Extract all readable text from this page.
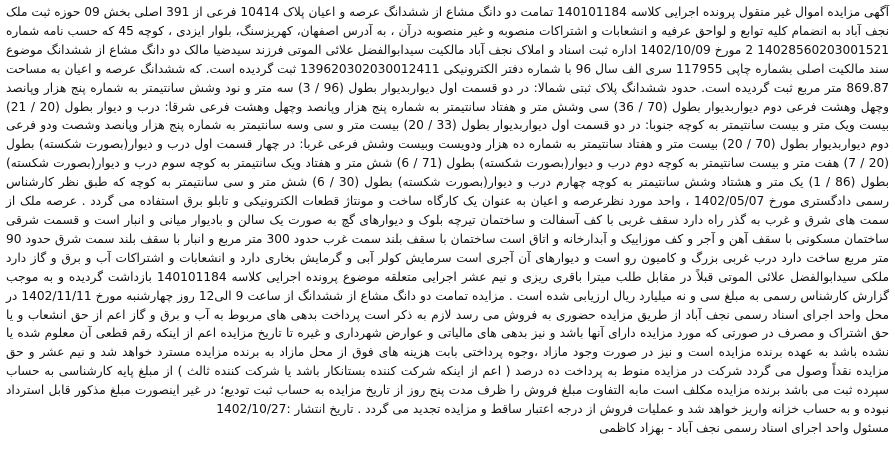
آگهی مزایده اموال غیر منقول پرونده اجرایی کلاسه 140101184 تمامت دو دانگ مشاع از ششدانگ عرصه و اعیان پلاک 10414 فرعی از 391 اصلی بخش 09 حوزه ثبت ملک نجف آباد به انضمام کلیه توابع و لواحق عرفیه و انشعابات و اشتراکات منصوبه و غیر منصوبه درآن ، به آدرس اصفهان، کهریزسنگ، بلوار ایزدی ، کوچه 45 که حسب نامه شماره 14028560203001521 2 مورخ 1402/10/09 اداره ثبت اسناد و املاک نجف آباد مالکیت سیدابوالفضل علائی الموتی فرزند سیدضیا مالک دو دانگ مشاع از ششدانگ موضوع سند مالکیت اصلی بشماره چاپی 117955 سری الف سال 96 با شماره دفتر الکترونیکی 139620302030012411 ثبت گردیده است. که ششدانگ عرصه و اعیان به مساحت 869.87 متر مربع ثبت گردیده است. حدود ششدانگ پلاک ثبتی شمالا: در دو قسمت اول دیواربدیوار بطول (96 / 3) سه متر و نود وشش سانتیمتر به شماره پنج هزار وپانصد وچهل وهشت فرعی دوم دیواربدیوار بطول (70 / 36) سی وشش متر و هفتاد سانتیمتر به شماره پنج هزار وپانصد وچهل وهشت فرعی شرقا: درب و دیوار بطول (20 / 21) بیست ویک متر و بیست سانتیمتر به کوچه جنوبا: در دو قسمت اول دیواربدیوار بطول (33 / 20) بیست متر و سی وسه سانتیمتر به شماره پنج هزار وپانصد وشصت ودو فرعی دوم دیواربدیوار بطول (70 / 20) بیست متر و هفتاد سانتیمتر به شماره ده هزار ودویست وبیست وشش فرعی غربا: در چهار قسمت اول درب و دیوار(بصورت شکسته) بطول (20 / 7) هفت متر و بیست سانتیمتر به کوچه دوم درب و دیوار(بصورت شکسته) بطول (71 / 6) شش متر و هفتاد ویک سانتیمتر به کوچه سوم درب و دیوار(بصورت شکسته) بطول (86 / 1) یک متر و هشتاد وشش سانتیمتر به کوچه چهارم درب و دیوار(بصورت شکسته) بطول (30 / 6) شش متر و سی سانتیمتر به کوچه که طبق نظر کارشناس رسمی دادگستری مورخ 1402/05/07 ، واحد مورد نظرعرصه و اعیان به عنوان یک کارگاه ساخت و مونتاژ قطعات الکترونیکی و تابلو برق استفاده می گردد . عرصه ملک از سمت های شرق و غرب به گذر راه دارد سقف غربی با کف آسفالت و ساختمان تیرچه بلوک و دیوارهای گچ به صورت یک سالن و بادیوار میانی و انبار است و قسمت شرقی ساختمان مسکونی با سقف آهن و آجر و کف موزاییک و آبدارخانه و اتاق است ساختمان با سقف بلند سمت غرب حدود 300 متر مربع و انبار با سقف بلند سمت شرق حدود 90 متر مربع ساخت دارد درب غربی بزرگ و کامیون رو است و دیوارهای آن آجری است سرمایش کولر آبی و گرمایش بخاری دارد و انشعابات و اشتراکات آب و برق و گاز دارد ملکی سیدابوالفضل علائی الموتی قبلاً در مقابل طلب میترا باقری ریزی و نیم عشر اجرایی متعلقه موضوع پرونده اجرایی کلاسه 140101184 بازداشت گردیده و به موجب گزارش کارشناس رسمی به مبلغ سی و نه میلیارد ریال ارزیابی شده است . مزایده تمامت دو دانگ مشاع از ششدانگ از ساعت 9 الی12 روز چهارشنبه مورخ 1402/11/11 در محل واحد اجرای اسناد رسمی نجف آباد از طریق مزایده حضوری به فروش می رسد لازم به ذکر است پرداخت بدهی های مربوط به آب و برق و گاز اعم از حق انشعاب و یا حق اشتراک و مصرف در صورتی که مورد مزایده دارای آنها باشد و نیز بدهی های مالیاتی و عوارض شهرداری و غیره تا تاریخ مزایده اعم از اینکه رقم قطعی آن معلوم شده یا نشده باشد به عهده برنده مزایده است و نیز در صورت وجود مازاد ،وجوه پرداختی بابت هزینه های فوق از محل مازاد به برنده مزایده مسترد خواهد شد و نیم عشر و حق مزایده نقداً وصول می گردد شرکت در مزایده منوط به پرداخت ده درصد ( اعم از اینکه شرکت کننده بستانکار باشد یا شرکت کننده ثالث ) از مبلغ پایه کارشناسی به حساب سپرده ثبت می باشد برنده مزایده مکلف است مابه التفاوت مبلغ فروش را ظرف مدت پنج روز از تاریخ مزایده به حساب ثبت تودیع؛ در غیر اینصورت مبلغ مذکور قابل استرداد نبوده و به حساب خزانه واریز خواهد شد و عملیات فروش از درجه اعتبار ساقط و مزایده تجدید می گردد . تاریخ انتشار :1402/10/27

مسئول واحد اجرای اسناد رسمی نجف آباد - بهزاد کاظمی
